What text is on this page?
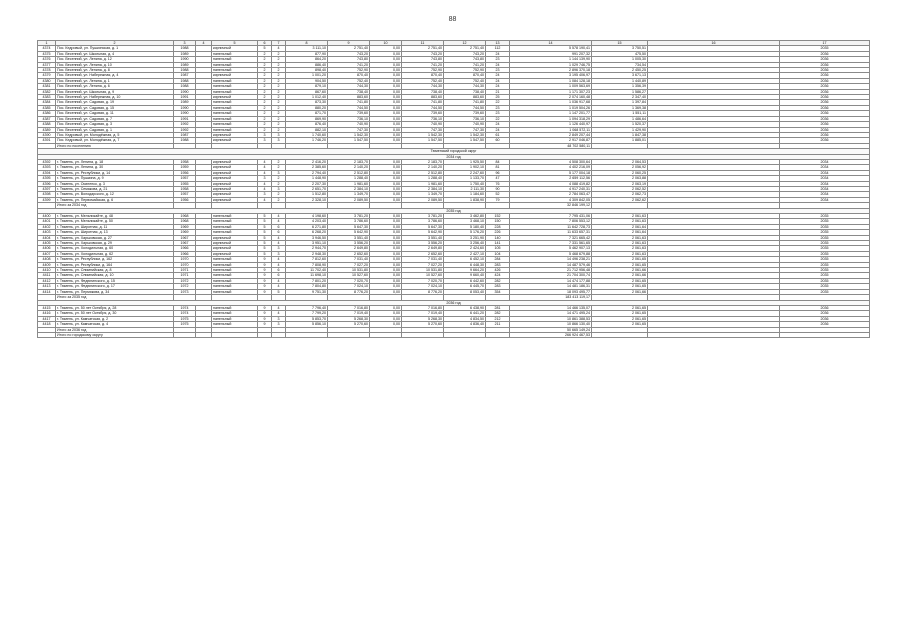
88
1	2	3	4	5	6	7	8	9	10	11	12	13	14	15	16	17
4374	Пос. Кедровый, ул. Пушкинская, д. 1	1988		кирпичный	5	4	3 111,10	2 751,40	0,00	2 751,40	2 751,40	112	5 578 190,41	3 750,51		2035
4375	Пос. Весенний, ул. Школьная, д. 4	1989		панельный	2	2	877,90	743,20	0,00	743,20	743,20	24	991 207,32	475,50		2036
4376	Пос. Весенний, ул. Ленина, д. 12	1990		панельный	2	2	864,20	743,80	0,00	743,80	743,80	23	1 144 139,90	1 005,30		2036
4377	Пос. Весенний, ул. Ленина, д. 10	1989		панельный	2	2	886,40	741,20	0,00	741,20	741,20	24	1 029 746,75	734,54		2036
4378	Пос. Весенний, ул. Ленина, д. 8	1988		панельный	2	2	898,40	752,90	0,00	752,90	752,90	23	2 896 370,18	2 450,25		2036
4379	Пос. Весенний, ул. Набережная, д. 4	1987		кирпичный	2	2	1 001,20	870,40	0,00	870,40	870,40	24	3 195 406,97	3 671,13		2036
4380	Пос. Весенний, ул. Ленина, д. 1	1988		панельный	2	2	904,50	752,40	0,00	752,40	752,40	24	1 084 128,18	1 440,89		2036
4381	Пос. Весенний, ул. Ленина, д. 6	1988		панельный	2	2	879,10	744,30	0,00	744,30	744,30	24	1 009 563,69	1 356,39		2036
4382	Пос. Весенний, ул. Школьная, д. 9	1990		панельный	2	2	867,60	738,40	0,00	738,40	738,40	21	1 171 307,23	1 586,27		2036
4383	Пос. Весенний, ул. Набережная, д. 10	1991		кирпичный	2	2	1 012,40	883,60	0,00	883,60	883,60	25	2 074 160,48	2 347,40		2036
4384	Пос. Весенний, ул. Садовая, д. 19	1989		панельный	2	2	873,30	741,80	0,00	741,80	741,80	22	1 036 917,68	1 397,84		2036
4385	Пос. Весенний, ул. Садовая, д. 15	1990		панельный	2	2	880,20	744,50	0,00	744,50	744,50	23	1 019 504,26	1 369,38		2036
4386	Пос. Весенний, ул. Садовая, д. 11	1990		панельный	2	2	871,70	739,60	0,00	739,60	739,60	23	1 147 201,77	1 551,11		2036
4387	Пос. Весенний, ул. Садовая, д. 7	1991		панельный	2	2	869,90	736,10	0,00	736,10	736,10	22	1 094 318,29	1 486,64		2036
4388	Пос. Весенний, ул. Садовая, д. 3	1992		панельный	2	2	876,40	740,90	0,00	740,90	740,90	24	1 126 440,97	1 520,37		2036
4389	Пос. Весенний, ул. Садовая, д. 1	1992		панельный	2	2	882,10	747,30	0,00	747,30	747,30	24	1 068 572,11	1 429,90		2036
4390	Пос. Кедровый, ул. Молодёжная, д. 5	1987		кирпичный	3	3	1 740,60	1 542,30	0,00	1 542,30	1 542,30	61	2 849 207,44	1 847,38		2036
4391	Пос. Кедровый, ул. Молодёжная, д. 7	1988		кирпичный	3	3	1 746,20	1 547,50	0,00	1 547,50	1 547,50	60	2 917 046,87	1 885,01		2036
	Итого по поселению												48 702 580,11			
Тюменский городской округ																
2034 год																
4392	г. Тюмень, ул. Ленина, д. 18	1958		кирпичный	4	2	2 416,20	2 183,70	0,00	2 183,70	1 925,50	84	4 508 300,64	2 064,53		2034
4393	г. Тюмень, ул. Ленина, д. 30	1959		кирпичный	4	2	2 385,60	2 140,20	0,00	2 140,20	1 902,10	81	4 402 216,09	2 056,92		2034
4394	г. Тюмень, ул. Республики, д. 14	1956		кирпичный	4	3	2 794,40	2 512,80	0,00	2 512,80	2 247,60	96	5 177 004,18	2 060,25		2034
4395	г. Тюмень, ул. Пушкина, д. 9	1957		кирпичный	3	2	1 448,90	1 288,40	0,00	1 288,40	1 133,70	47	2 659 112,56	2 063,88		2034
4396	г. Тюмень, ул. Осипенко, д. 3	1955		кирпичный	4	2	2 207,30	1 981,60	0,00	1 981,60	1 750,40	76	4 088 419,82	2 063,19		2034
4397	г. Тюмень, ул. Семакова, д. 21	1958		кирпичный	4	3	2 651,70	2 384,10	0,00	2 384,10	2 111,30	90	4 917 240,31	2 062,52		2034
4398	г. Тюмень, ул. Володарского, д. 12	1957		кирпичный	3	2	1 512,80	1 349,70	0,00	1 349,70	1 184,60	52	2 784 063,47	2 062,73		2034
4399	г. Тюмень, ул. Первомайская, д. 6	1956		кирпичный	4	2	2 328,10	2 089,50	0,00	2 089,50	1 838,90	79	4 309 842,05	2 062,62		2034
	Итого за 2034 год												32 846 199,12			
2035 год																
4400	г. Тюмень, ул. Мельникайте, д. 48	1968		панельный	5	4	4 198,60	3 781,20	0,00	3 781,20	3 462,80	152	7 795 431,06	2 061,63		2035
4401	г. Тюмень, ул. Мельникайте, д. 50	1968		панельный	5	4	4 203,40	3 786,60	0,00	3 786,60	3 468,10	150	7 806 553,12	2 061,63		2035
4402	г. Тюмень, ул. Широтная, д. 11	1969		панельный	5	6	6 271,80	5 647,30	0,00	5 647,30	5 180,40	228	11 642 728,73	2 061,64		2035
4403	г. Тюмень, ул. Широтная, д. 13	1969		панельный	5	6	6 268,20	5 642,90	0,00	5 642,90	5 176,20	226	11 633 657,31	2 061,64		2035
4404	г. Тюмень, ул. Харьковская, д. 27	1967		кирпичный	5	4	3 946,50	3 551,40	0,00	3 551,40	3 251,90	140	7 321 665,42	2 061,63		2035
4405	г. Тюмень, ул. Харьковская, д. 29	1967		кирпичный	5	4	3 951,10	3 556,20	0,00	3 556,20	3 256,40	141	7 331 561,65	2 061,63		2035
4406	г. Тюмень, ул. Холодильная, д. 60	1966		кирпичный	5	3	2 944,70	2 649,80	0,00	2 649,80	2 424,60	105	5 462 907,13	2 061,63		2035
4407	г. Тюмень, ул. Холодильная, д. 62	1966		кирпичный	5	3	2 948,30	2 652,60	0,00	2 652,60	2 427,10	104	5 468 679,88	2 061,63		2035
4408	г. Тюмень, ул. Республики, д. 162	1970		панельный	9	4	7 812,60	7 031,40	0,00	7 031,40	6 452,10	284	14 496 238,21	2 061,65		2035
4409	г. Тюмень, ул. Республики, д. 164	1970		панельный	9	4	7 808,90	7 027,20	0,00	7 027,20	6 448,30	283	14 487 579,46	2 061,65		2035
4410	г. Тюмень, ул. Олимпийская, д. 8	1971		панельный	9	6	11 702,40	10 531,80	0,00	10 531,80	9 664,20	426	21 712 956,48	2 061,66		2035
4411	г. Тюмень, ул. Олимпийская, д. 10	1971		панельный	9	6	11 698,10	10 527,60	0,00	10 527,60	9 660,40	424	21 704 300,74	2 061,66		2035
4412	г. Тюмень, ул. Федюнинского, д. 15	1972		панельный	9	4	7 801,20	7 020,70	0,00	7 020,70	6 442,60	282	14 474 177,88	2 061,65		2035
4413	г. Тюмень, ул. Федюнинского, д. 17	1972		панельный	9	4	7 804,80	7 024,10	0,00	7 024,10	6 445,70	283	14 481 186,31	2 061,65		2035
4414	г. Тюмень, ул. Пермякова, д. 34	1973		панельный	9	5	9 751,30	8 776,20	0,00	8 776,20	8 053,40	354	18 093 495,77	2 061,66		2035
	Итого за 2035 год												183 413 119,17			
2036 год																
4415	г. Тюмень, ул. 50 лет Октября, д. 28	1974		панельный	9	4	7 796,40	7 016,80	0,00	7 016,80	6 438,90	281	14 466 135,07	2 061,65		2036
4416	г. Тюмень, ул. 50 лет Октября, д. 30	1974		панельный	9	4	7 799,20	7 019,40	0,00	7 019,40	6 441,20	282	14 471 495,24	2 061,65		2036
4417	г. Тюмень, ул. Камчатская, д. 2	1975		панельный	9	3	5 853,70	5 268,30	0,00	5 268,30	4 834,50	212	10 861 388,53	2 061,65		2036
4418	г. Тюмень, ул. Камчатская, д. 4	1975		панельный	9	3	5 856,10	5 270,60	0,00	5 270,60	4 836,40	211	10 866 130,40	2 061,65		2036
	Итого за 2036 год												50 665 149,24			
	Итого по городскому округу												266 924 467,53			
